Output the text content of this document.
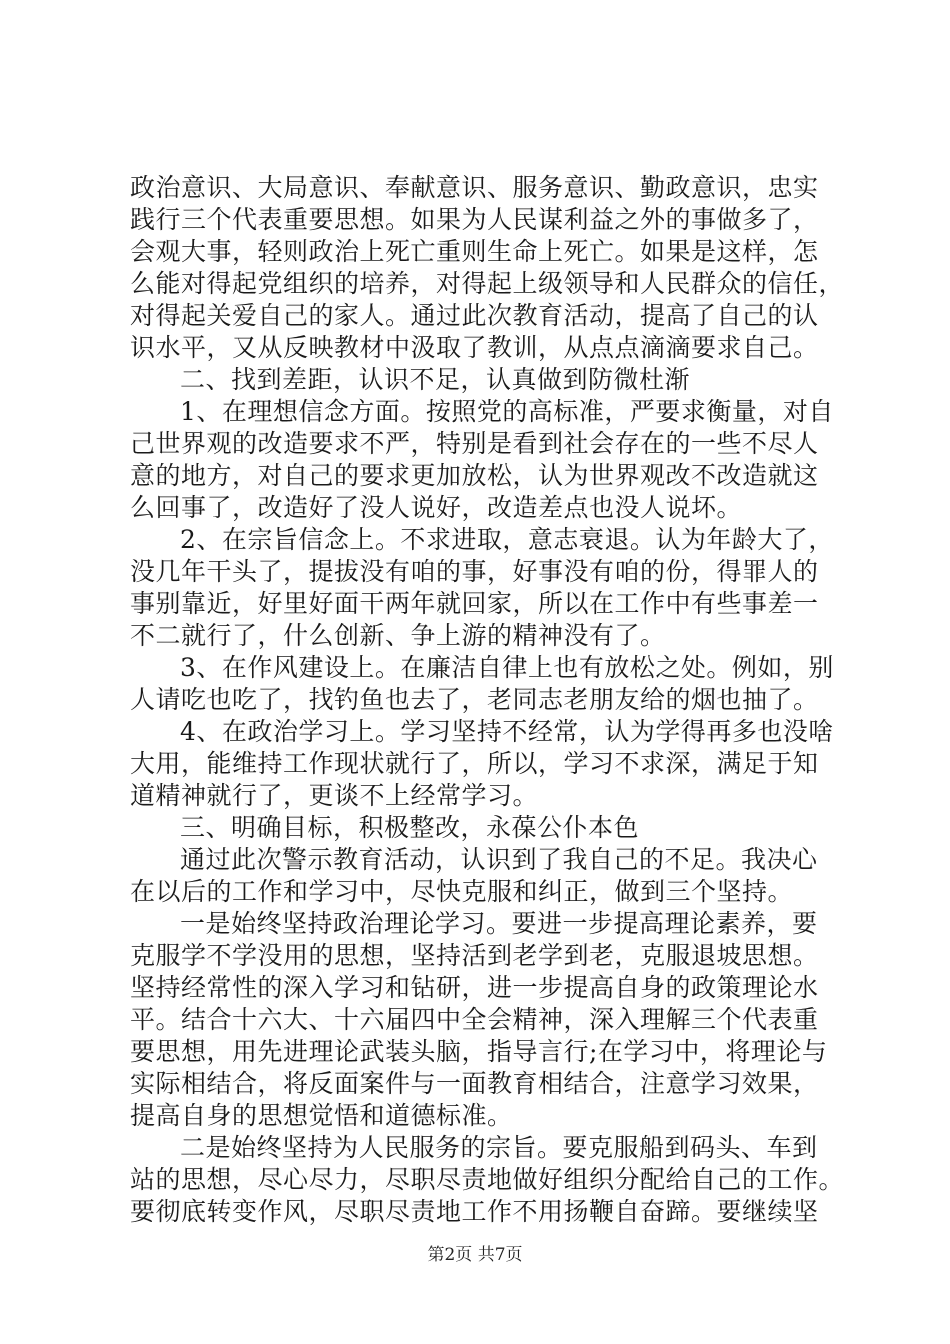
政治意识、大局意识、奉献意识、服务意识、勤政意识，忠实
践行三个代表重要思想。如果为人民谋利益之外的事做多了，
会观大事，轻则政治上死亡重则生命上死亡。如果是这样，怎
么能对得起党组织的培养，对得起上级领导和人民群众的信任，
对得起关爱自己的家人。通过此次教育活动，提高了自己的认
识水平，又从反映教材中汲取了教训，从点点滴滴要求自己。
二、找到差距，认识不足，认真做到防微杜渐
1、在理想信念方面。按照党的高标准，严要求衡量，对自
己世界观的改造要求不严，特别是看到社会存在的一些不尽人
意的地方，对自己的要求更加放松，认为世界观改不改造就这
么回事了，改造好了没人说好，改造差点也没人说坏。
2、在宗旨信念上。不求进取，意志衰退。认为年龄大了，
没几年干头了，提拔没有咱的事，好事没有咱的份，得罪人的
事别靠近，好里好面干两年就回家，所以在工作中有些事差一
不二就行了，什么创新、争上游的精神没有了。
3、在作风建设上。在廉洁自律上也有放松之处。例如，别
人请吃也吃了，找钓鱼也去了，老同志老朋友给的烟也抽了。
4、在政治学习上。学习坚持不经常，认为学得再多也没啥
大用，能维持工作现状就行了，所以，学习不求深，满足于知
道精神就行了，更谈不上经常学习。
三、明确目标，积极整改，永葆公仆本色
通过此次警示教育活动，认识到了我自己的不足。我决心
在以后的工作和学习中，尽快克服和纠正，做到三个坚持。
一是始终坚持政治理论学习。要进一步提高理论素养，要
克服学不学没用的思想，坚持活到老学到老，克服退坡思想。
坚持经常性的深入学习和钻研，进一步提高自身的政策理论水
平。结合十六大、十六届四中全会精神，深入理解三个代表重
要思想，用先进理论武装头脑，指导言行;在学习中，将理论与
实际相结合，将反面案件与一面教育相结合，注意学习效果，
提高自身的思想觉悟和道德标准。
二是始终坚持为人民服务的宗旨。要克服船到码头、车到
站的思想，尽心尽力，尽职尽责地做好组织分配给自己的工作。
要彻底转变作风，尽职尽责地工作不用扬鞭自奋蹄。要继续坚
第2页 共7页
